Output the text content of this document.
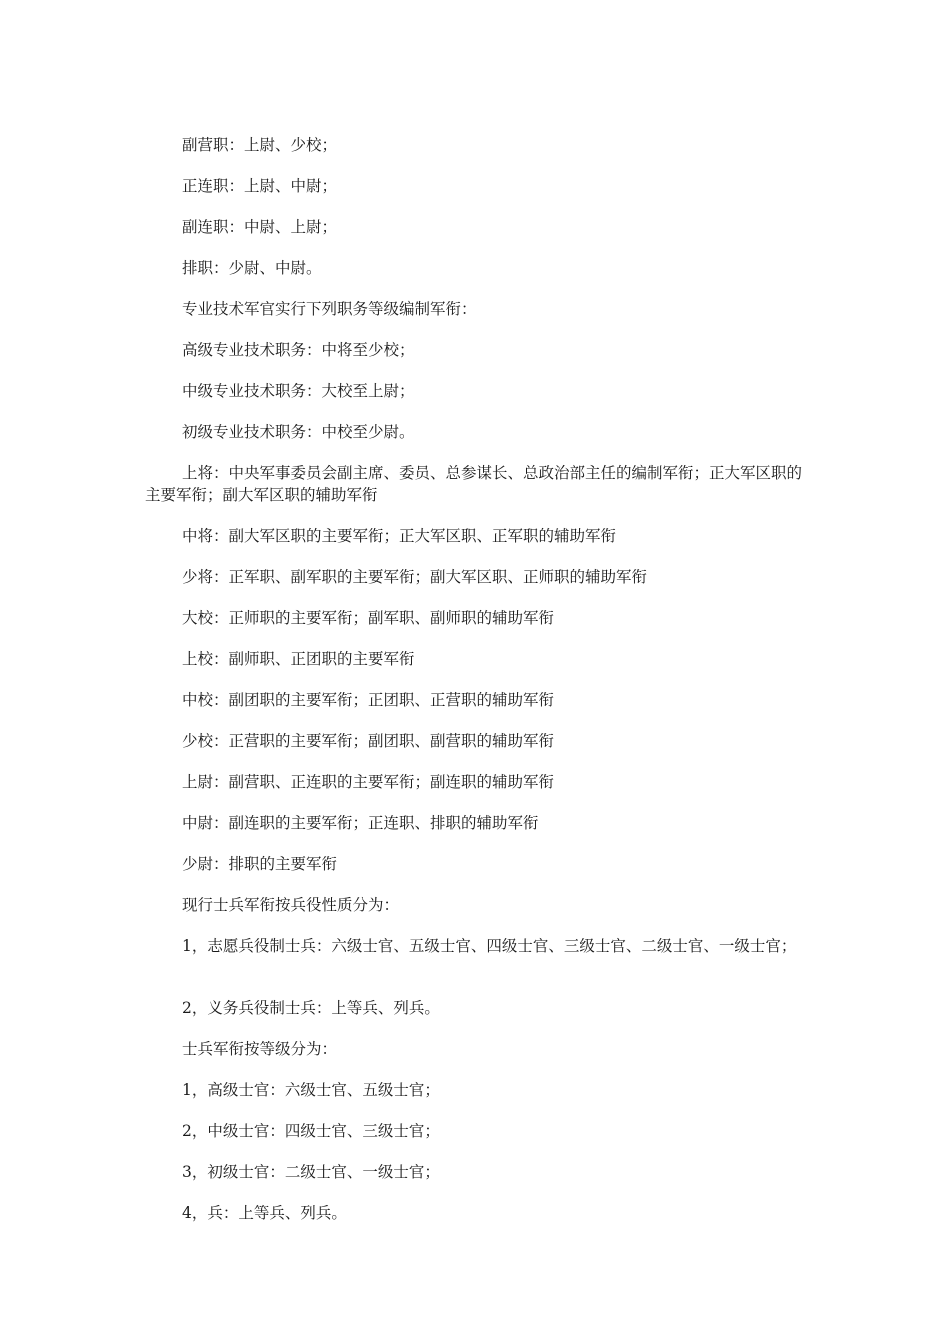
副营职：上尉、少校；

正连职：上尉、中尉；

副连职：中尉、上尉；

排职：少尉、中尉。

专业技术军官实行下列职务等级编制军衔：

高级专业技术职务：中将至少校；

中级专业技术职务：大校至上尉；

初级专业技术职务：中校至少尉。

上将：中央军事委员会副主席、委员、总参谋长、总政治部主任的编制军衔；正大军区职的主要军衔；副大军区职的辅助军衔

中将：副大军区职的主要军衔；正大军区职、正军职的辅助军衔

少将：正军职、副军职的主要军衔；副大军区职、正师职的辅助军衔

大校：正师职的主要军衔；副军职、副师职的辅助军衔

上校：副师职、正团职的主要军衔

中校：副团职的主要军衔；正团职、正营职的辅助军衔

少校：正营职的主要军衔；副团职、副营职的辅助军衔

上尉：副营职、正连职的主要军衔；副连职的辅助军衔

中尉：副连职的主要军衔；正连职、排职的辅助军衔

少尉：排职的主要军衔

现行士兵军衔按兵役性质分为：

1，志愿兵役制士兵：六级士官、五级士官、四级士官、三级士官、二级士官、一级士官；

2，义务兵役制士兵：上等兵、列兵。

士兵军衔按等级分为：

1，高级士官：六级士官、五级士官；

2，中级士官：四级士官、三级士官；

3，初级士官：二级士官、一级士官；

4，兵：上等兵、列兵。
